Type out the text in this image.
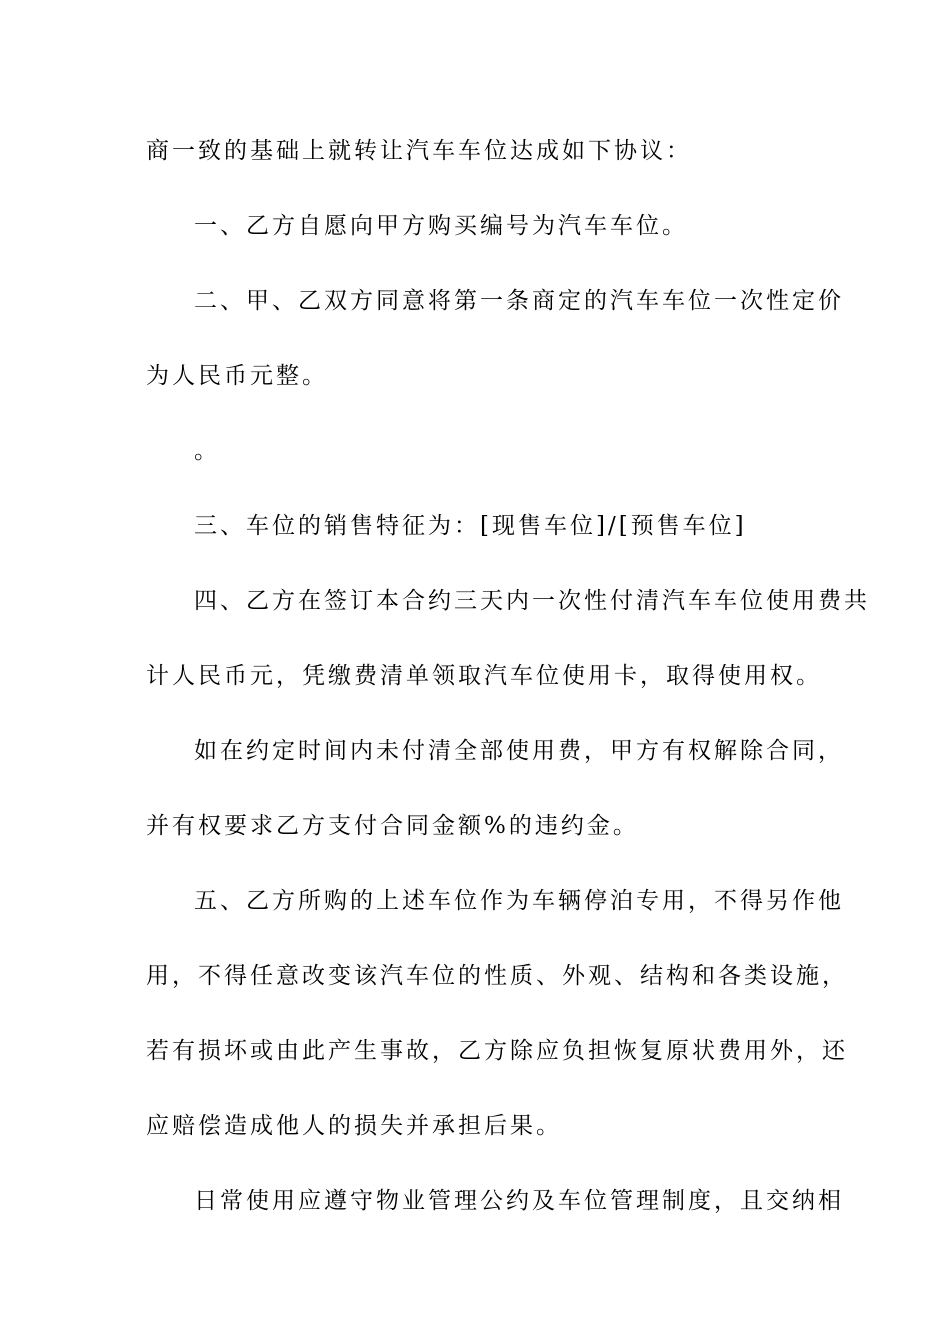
商一致的基础上就转让汽车车位达成如下协议：
一、乙方自愿向甲方购买编号为汽车车位。
二、甲、乙双方同意将第一条商定的汽车车位一次性定价
为人民币元整。
。
三、车位的销售特征为：[现售车位]/[预售车位]
四、乙方在签订本合约三天内一次性付清汽车车位使用费共
计人民币元，凭缴费清单领取汽车位使用卡，取得使用权。
如在约定时间内未付清全部使用费，甲方有权解除合同，
并有权要求乙方支付合同金额%的违约金。
五、乙方所购的上述车位作为车辆停泊专用，不得另作他
用，不得任意改变该汽车位的性质、外观、结构和各类设施，
若有损坏或由此产生事故，乙方除应负担恢复原状费用外，还
应赔偿造成他人的损失并承担后果。
日常使用应遵守物业管理公约及车位管理制度，且交纳相
